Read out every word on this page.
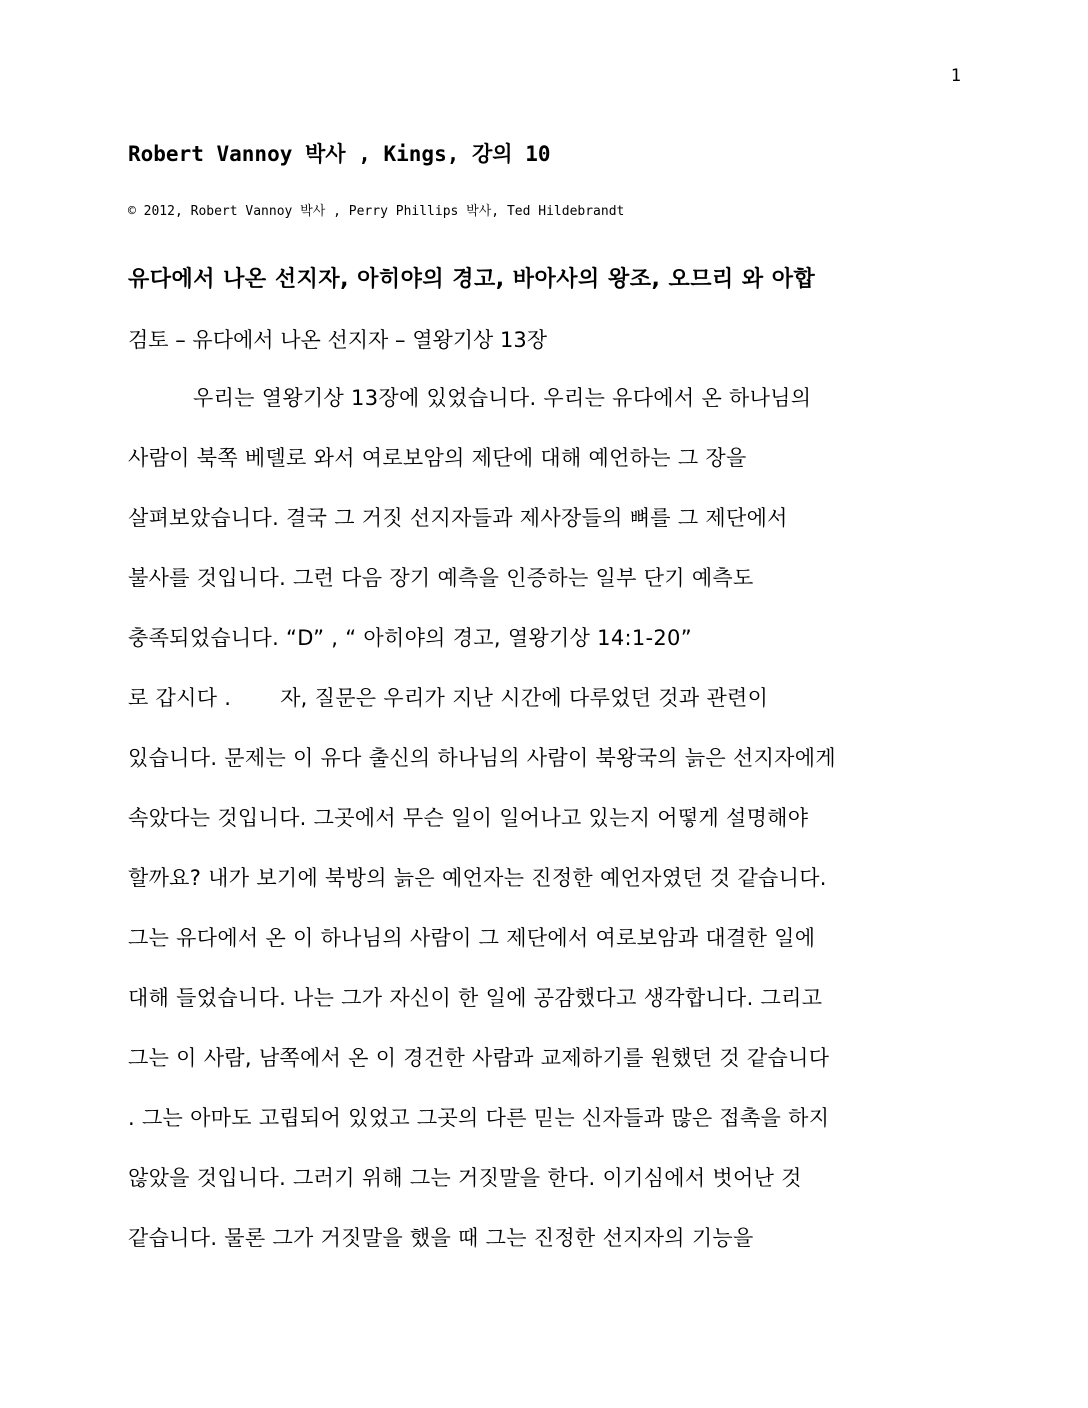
1
Robert Vannoy 박사 , Kings, 강의 10
© 2012, Robert Vannoy 박사 , Perry Phillips 박사, Ted Hildebrandt
유다에서 나온 선지자, 아히야의 경고, 바아사의 왕조, 오므리 와 아합
검토 – 유다에서 나온 선지자 – 열왕기상 13장
우리는 열왕기상 13장에 있었습니다. 우리는 유다에서 온 하나님의
사람이 북쪽 베델로 와서 여로보암의 제단에 대해 예언하는 그 장을
살펴보았습니다. 결국 그 거짓 선지자들과 제사장들의 뼈를 그 제단에서
불사를 것입니다. 그런 다음 장기 예측을 인증하는 일부 단기 예측도
충족되었습니다. “D” , “ 아히야의 경고, 열왕기상 14:1-20”
로 갑시다 .       자, 질문은 우리가 지난 시간에 다루었던 것과 관련이
있습니다. 문제는 이 유다 출신의 하나님의 사람이 북왕국의 늙은 선지자에게
속았다는 것입니다. 그곳에서 무슨 일이 일어나고 있는지 어떻게 설명해야
할까요? 내가 보기에 북방의 늙은 예언자는 진정한 예언자였던 것 같습니다.
그는 유다에서 온 이 하나님의 사람이 그 제단에서 여로보암과 대결한 일에
대해 들었습니다. 나는 그가 자신이 한 일에 공감했다고 생각합니다. 그리고
그는 이 사람, 남쪽에서 온 이 경건한 사람과 교제하기를 원했던 것 같습니다
. 그는 아마도 고립되어 있었고 그곳의 다른 믿는 신자들과 많은 접촉을 하지
않았을 것입니다. 그러기 위해 그는 거짓말을 한다. 이기심에서 벗어난 것
같습니다. 물론 그가 거짓말을 했을 때 그는 진정한 선지자의 기능을
